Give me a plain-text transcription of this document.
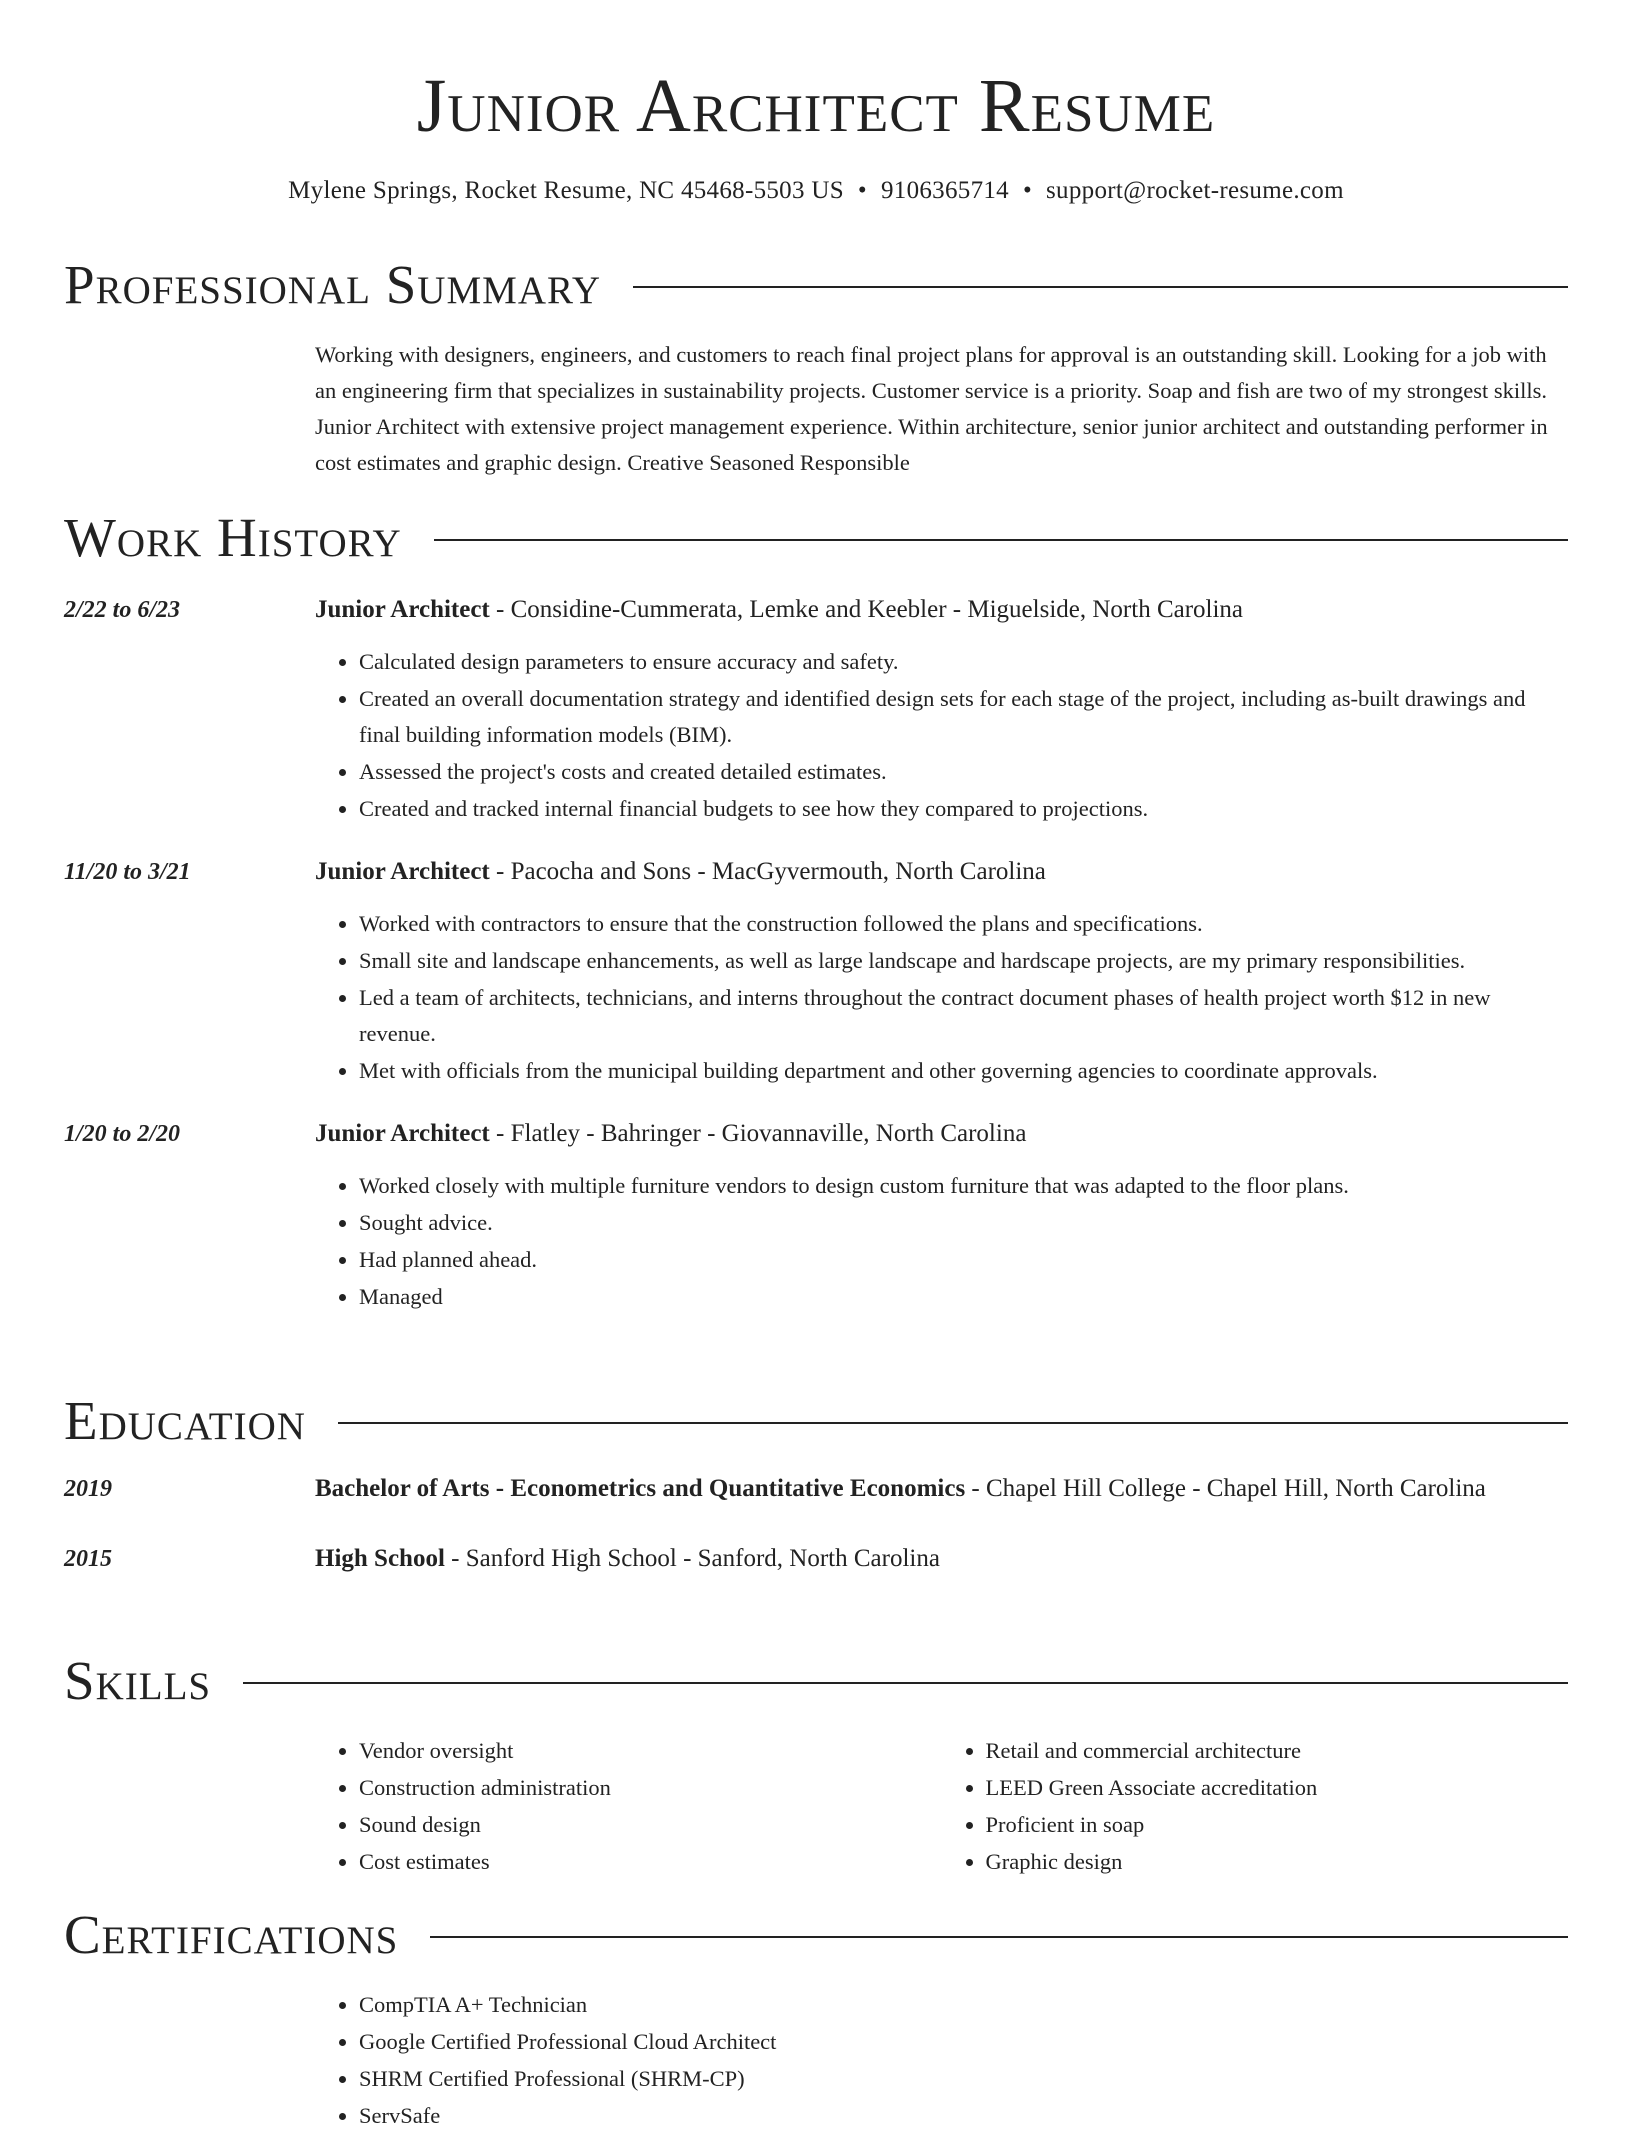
Junior Architect Resume
Mylene Springs, Rocket Resume, NC 45468-5503 US • 9106365714 • support@rocket-resume.com
Professional Summary
Working with designers, engineers, and customers to reach final project plans for approval is an outstanding skill. Looking for a job with an engineering firm that specializes in sustainability projects. Customer service is a priority. Soap and fish are two of my strongest skills. Junior Architect with extensive project management experience. Within architecture, senior junior architect and outstanding performer in cost estimates and graphic design. Creative Seasoned Responsible
Work History
2/22 to 6/23	Junior Architect - Considine-Cummerata, Lemke and Keebler - Miguelside, North Carolina
• Calculated design parameters to ensure accuracy and safety.
• Created an overall documentation strategy and identified design sets for each stage of the project, including as-built drawings and final building information models (BIM).
• Assessed the project's costs and created detailed estimates.
• Created and tracked internal financial budgets to see how they compared to projections.
11/20 to 3/21	Junior Architect - Pacocha and Sons - MacGyvermouth, North Carolina
• Worked with contractors to ensure that the construction followed the plans and specifications.
• Small site and landscape enhancements, as well as large landscape and hardscape projects, are my primary responsibilities.
• Led a team of architects, technicians, and interns throughout the contract document phases of health project worth $12 in new revenue.
• Met with officials from the municipal building department and other governing agencies to coordinate approvals.
1/20 to 2/20	Junior Architect - Flatley - Bahringer - Giovannaville, North Carolina
• Worked closely with multiple furniture vendors to design custom furniture that was adapted to the floor plans.
• Sought advice.
• Had planned ahead.
• Managed
Education
2019	Bachelor of Arts - Econometrics and Quantitative Economics - Chapel Hill College - Chapel Hill, North Carolina
2015	High School - Sanford High School - Sanford, North Carolina
Skills
• Vendor oversight
• Construction administration
• Sound design
• Cost estimates
• Retail and commercial architecture
• LEED Green Associate accreditation
• Proficient in soap
• Graphic design
Certifications
• CompTIA A+ Technician
• Google Certified Professional Cloud Architect
• SHRM Certified Professional (SHRM-CP)
• ServSafe
